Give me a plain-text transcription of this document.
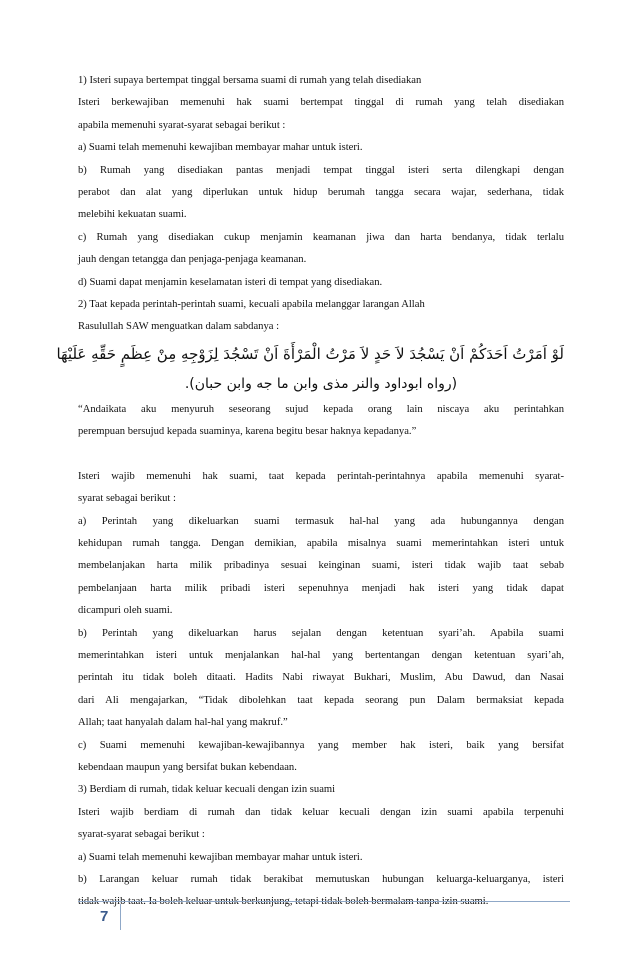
1) Isteri supaya bertempat tinggal bersama suami di rumah yang telah disediakan

Isteri berkewajiban memenuhi hak suami bertempat tinggal di rumah yang telah disediakan

apabila memenuhi syarat-syarat sebagai berikut :

a) Suami telah memenuhi kewajiban membayar mahar untuk isteri.

b) Rumah yang disediakan pantas menjadi tempat tinggal isteri serta dilengkapi dengan

perabot dan alat yang diperlukan untuk hidup berumah tangga secara wajar, sederhana, tidak

melebihi kekuatan suami.

c) Rumah yang disediakan cukup menjamin keamanan jiwa dan harta bendanya, tidak terlalu

jauh dengan tetangga dan penjaga-penjaga keamanan.

d) Suami dapat menjamin keselamatan isteri di tempat yang disediakan.

2) Taat kepada perintah-perintah suami, kecuali apabila melanggar larangan Allah

Rasulullah SAW menguatkan dalam sabdanya :

لَوْ اَمَرْتُ اَحَدَكُمْ اَنْ يَسْجُدَ لاَ حَدٍ لاَ مَرْتُ الْمَرْأَةَ اَنْ تَسْجُدَ لِزَوْجِهِ مِنْ عِظَمٍ حَقِّهِ عَلَيْهَا
(رواه ابوداود والنر مذى وابن ما جه وابن حبان).

“Andaikata aku menyuruh seseorang sujud kepada orang lain niscaya aku perintahkan

perempuan bersujud kepada suaminya, karena begitu besar haknya kepadanya.”

Isteri wajib memenuhi hak suami, taat kepada perintah-perintahnya apabila memenuhi syarat-

syarat sebagai berikut :

a) Perintah yang dikeluarkan suami termasuk hal-hal yang ada hubungannya dengan

kehidupan rumah tangga. Dengan demikian, apabila misalnya suami memerintahkan isteri untuk

membelanjakan harta milik pribadinya sesuai keinginan suami, isteri tidak wajib taat sebab

pembelanjaan harta milik pribadi isteri sepenuhnya menjadi hak isteri yang tidak dapat

dicampuri oleh suami.

b) Perintah yang dikeluarkan harus sejalan dengan ketentuan syari’ah. Apabila suami

memerintahkan isteri untuk menjalankan hal-hal yang bertentangan dengan ketentuan syari’ah,

perintah itu tidak boleh ditaati. Hadits Nabi riwayat Bukhari, Muslim, Abu Dawud, dan Nasai

dari Ali mengajarkan, “Tidak dibolehkan taat kepada seorang pun Dalam bermaksiat kepada

Allah; taat hanyalah dalam hal-hal yang makruf.”

c) Suami memenuhi kewajiban-kewajibannya yang member hak isteri, baik yang bersifat

kebendaan maupun yang bersifat bukan kebendaan.

3) Berdiam di rumah, tidak keluar kecuali dengan izin suami

Isteri wajib berdiam di rumah dan tidak keluar kecuali dengan izin suami apabila terpenuhi

syarat-syarat sebagai berikut :

a) Suami telah memenuhi kewajiban membayar mahar untuk isteri.

b) Larangan keluar rumah tidak berakibat memutuskan hubungan keluarga-keluarganya, isteri

tidak wajib taat. Ia boleh keluar untuk berkunjung, tetapi tidak boleh bermalam tanpa izin suami.

7
